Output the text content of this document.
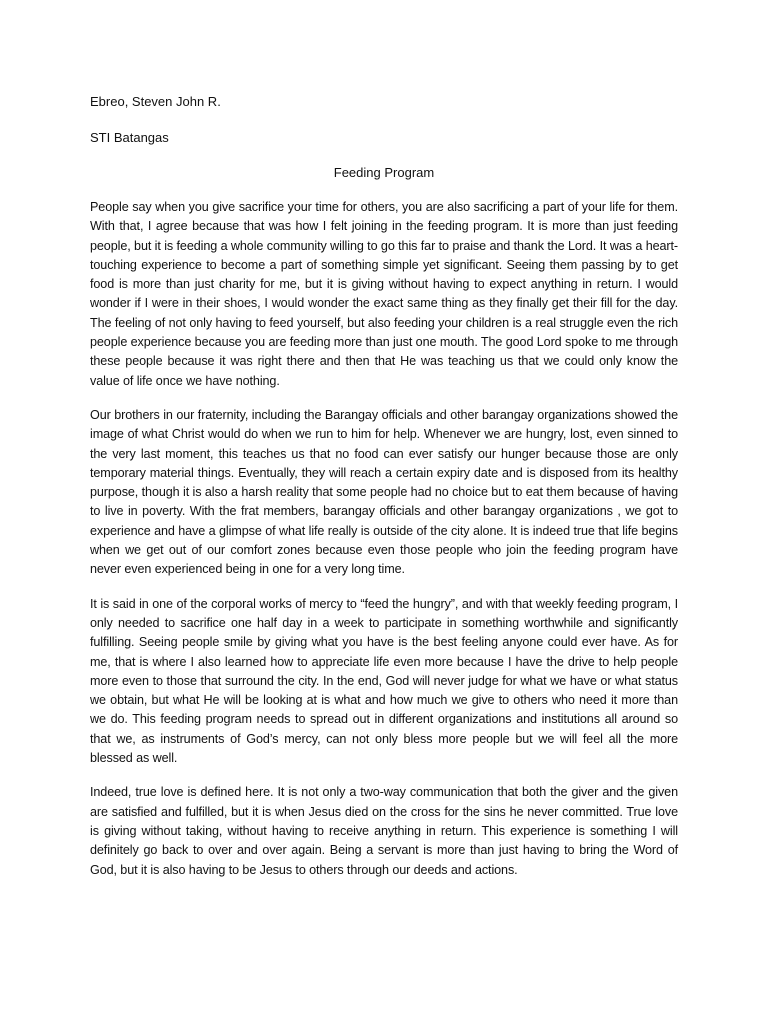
Ebreo, Steven John R.
STI Batangas
Feeding Program

People say when you give sacrifice your time for others, you are also sacrificing a part of your life for them. With that, I agree because that was how I felt joining in the feeding program. It is more than just feeding people, but it is feeding a whole community willing to go this far to praise and thank the Lord. It was a heart-touching experience to become a part of something simple yet significant. Seeing them passing by to get food is more than just charity for me, but it is giving without having to expect anything in return. I would wonder if I were in their shoes, I would wonder the exact same thing as they finally get their fill for the day. The feeling of not only having to feed yourself, but also feeding your children is a real struggle even the rich people experience because you are feeding more than just one mouth. The good Lord spoke to me through these people because it was right there and then that He was teaching us that we could only know the value of life once we have nothing.

Our brothers in our fraternity, including the Barangay officials and other barangay organizations showed the image of what Christ would do when we run to him for help. Whenever we are hungry, lost, even sinned to the very last moment, this teaches us that no food can ever satisfy our hunger because those are only temporary material things. Eventually, they will reach a certain expiry date and is disposed from its healthy purpose, though it is also a harsh reality that some people had no choice but to eat them because of having to live in poverty. With the frat members, barangay officials and other barangay organizations , we got to experience and have a glimpse of what life really is outside of the city alone. It is indeed true that life begins when we get out of our comfort zones because even those people who join the feeding program have never even experienced being in one for a very long time.

It is said in one of the corporal works of mercy to “feed the hungry”, and with that weekly feeding program, I only needed to sacrifice one half day in a week to participate in something worthwhile and significantly fulfilling. Seeing people smile by giving what you have is the best feeling anyone could ever have. As for me, that is where I also learned how to appreciate life even more because I have the drive to help people more even to those that surround the city. In the end, God will never judge for what we have or what status we obtain, but what He will be looking at is what and how much we give to others who need it more than we do. This feeding program needs to spread out in different organizations and institutions all around so that we, as instruments of God’s mercy, can not only bless more people but we will feel all the more blessed as well.

Indeed, true love is defined here. It is not only a two-way communication that both the giver and the given are satisfied and fulfilled, but it is when Jesus died on the cross for the sins he never committed. True love is giving without taking, without having to receive anything in return. This experience is something I will definitely go back to over and over again. Being a servant is more than just having to bring the Word of God, but it is also having to be Jesus to others through our deeds and actions.
